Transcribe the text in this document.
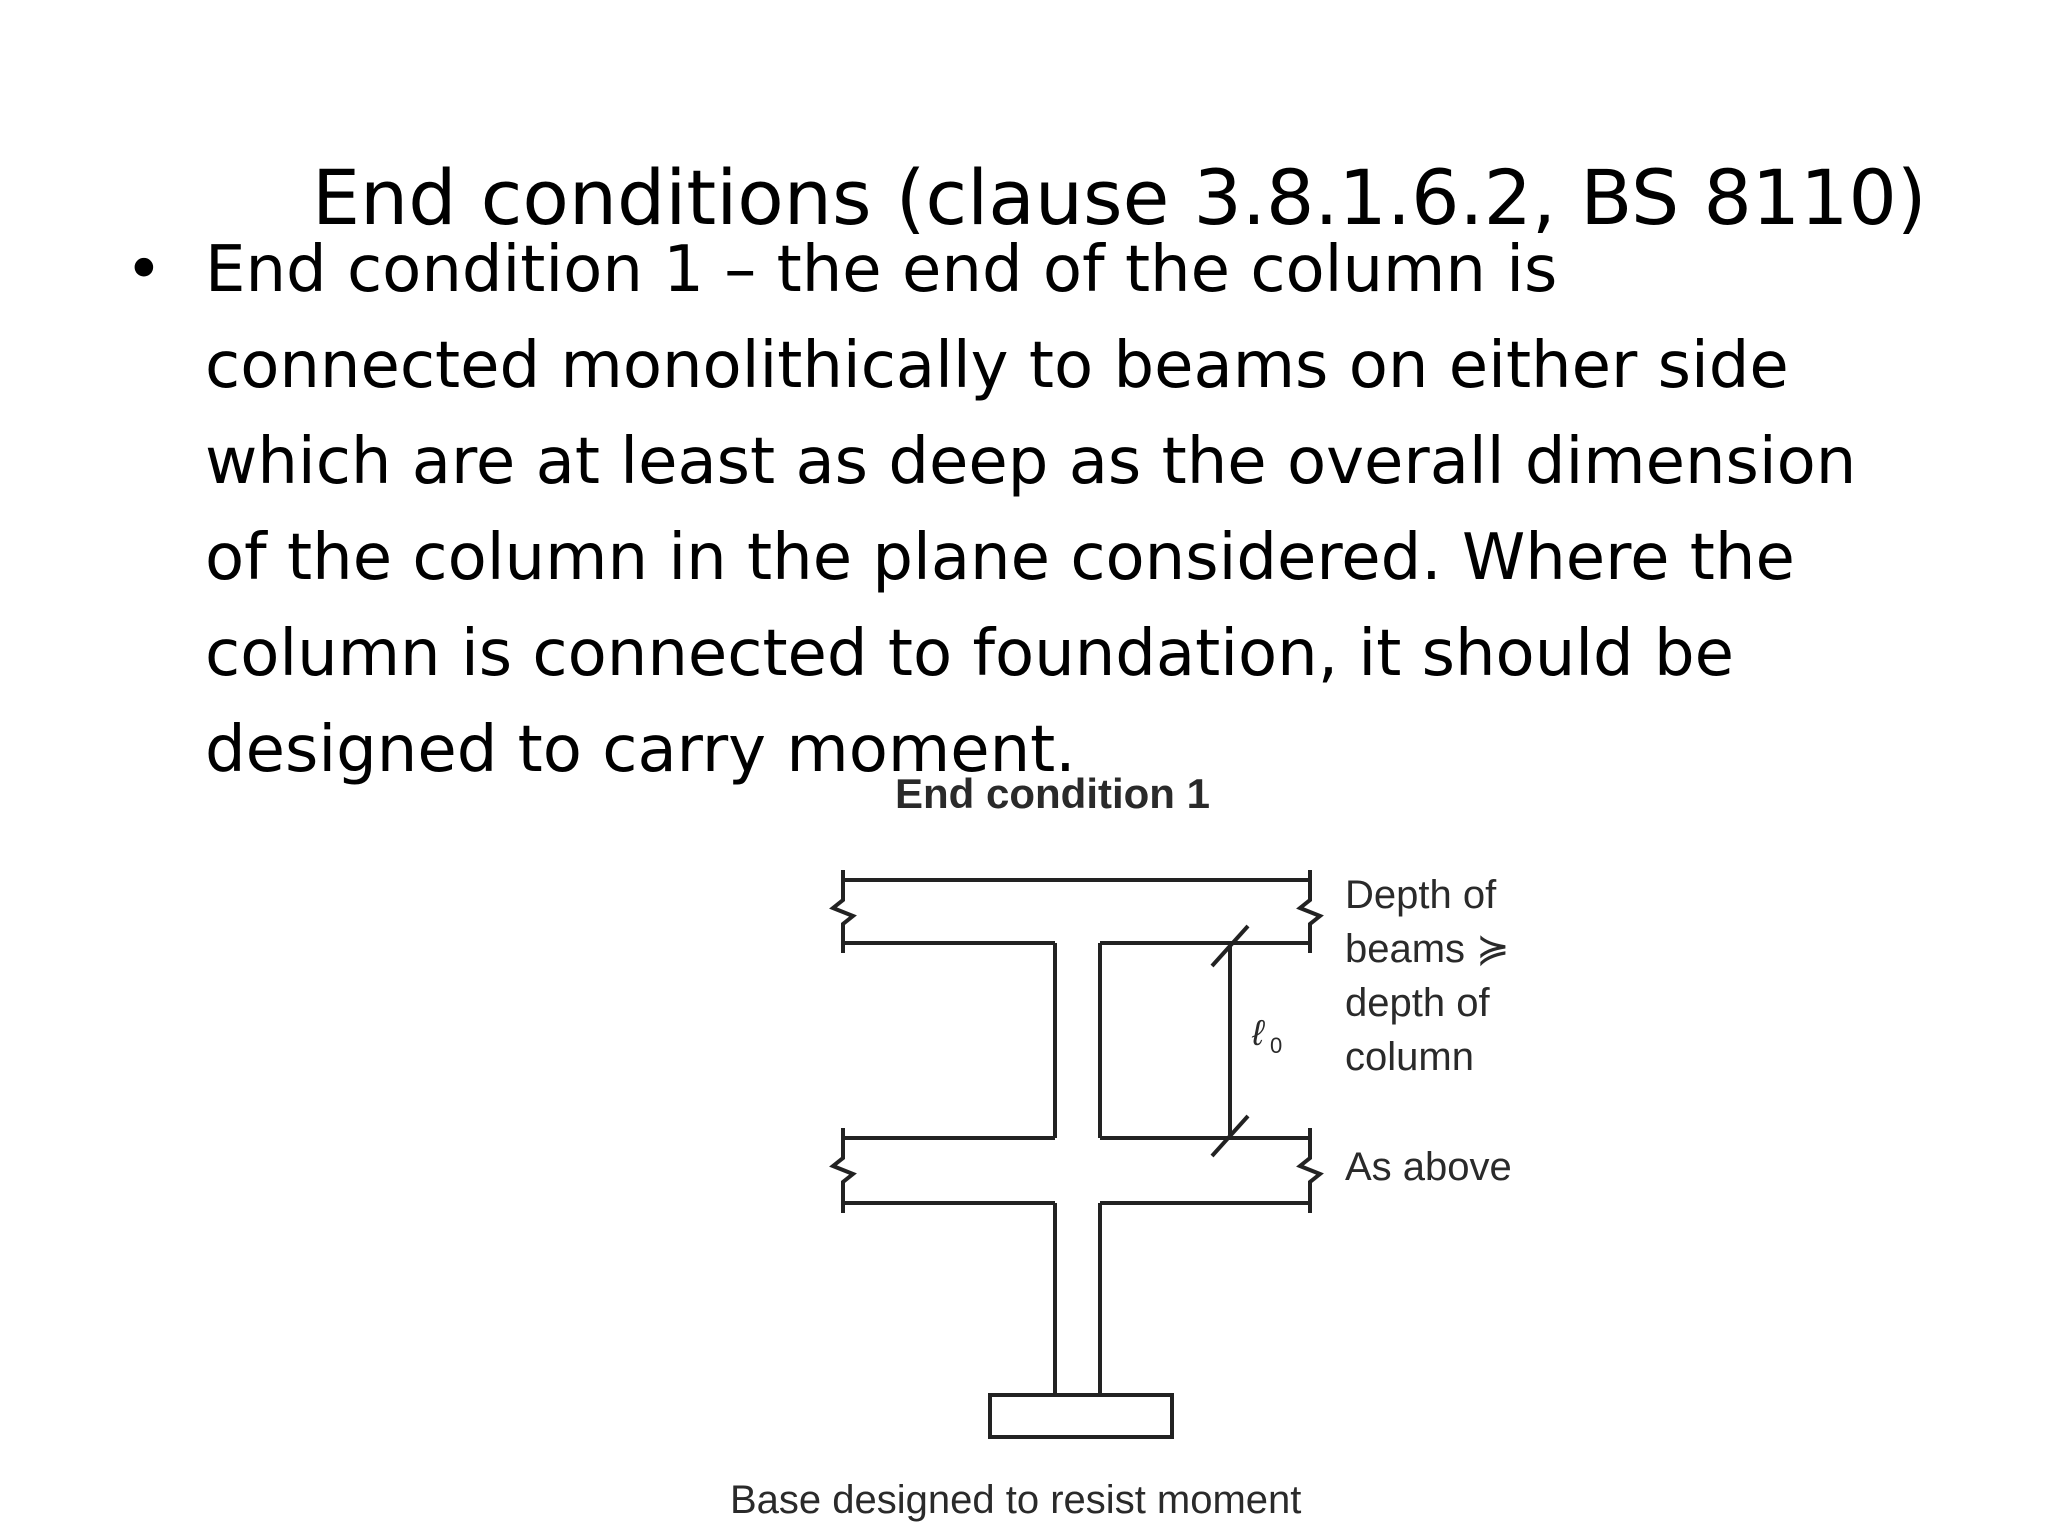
End conditions (clause 3.8.1.6.2, BS 8110)
• End condition 1 – the end of the column is connected monolithically to beams on either side which are at least as deep as the overall dimension of the column in the plane considered. Where the column is connected to foundation, it should be designed to carry moment.
End condition 1
ℓ 0
Depth of
beams ≽
depth of
column
As above
Base designed to resist moment
